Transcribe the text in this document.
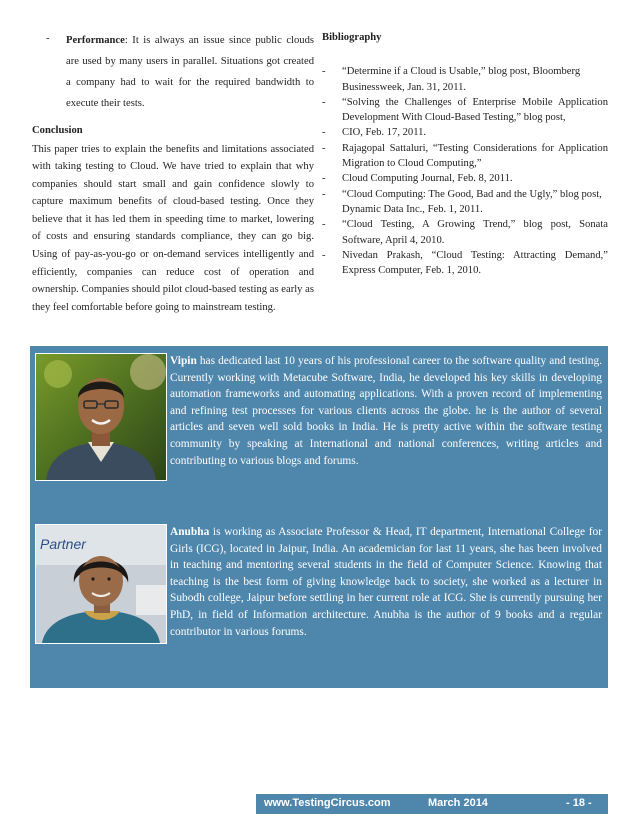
-	Performance: It is always an issue since public clouds are used by many users in parallel. Situations got created a company had to wait for the required bandwidth to execute their tests.
Conclusion
This paper tries to explain the benefits and limitations associated with taking testing to Cloud. We have tried to explain that why companies should start small and gain confidence slowly to capture maximum benefits of cloud-based testing. Once they believe that it has led them in speeding time to market, lowering of costs and ensuring standards compliance, they can go big. Using of pay-as-you-go or on-demand services intelligently and efficiently, companies can reduce cost of operation and ownership. Companies should pilot cloud-based testing as early as they feel comfortable before going to mainstream testing.
Bibliography
-	“Determine if a Cloud is Usable,” blog post, Bloomberg Businessweek, Jan. 31, 2011.
-	“Solving the Challenges of Enterprise Mobile Application Development With Cloud-Based Testing,” blog post,
-	CIO, Feb. 17, 2011.
-	Rajagopal Sattaluri, “Testing Considerations for Application Migration to Cloud Computing,”
-	Cloud Computing Journal, Feb. 8, 2011.
-	“Cloud Computing: The Good, Bad and the Ugly,” blog post, Dynamic Data Inc., Feb. 1, 2011.
-	“Cloud Testing, A Growing Trend,” blog post, Sonata Software, April 4, 2010.
-	Nivedan Prakash, “Cloud Testing: Attracting Demand,” Express Computer, Feb. 1, 2010.
Vipin has dedicated last 10 years of his professional career to the software quality and testing. Currently working with Metacube Software, India, he developed his key skills in developing automation frameworks and automating applications. With a proven record of implementing and refining test processes for various clients across the globe. he is the author of several articles and seven well sold books in India. He is pretty active within the software testing community by speaking at International and national conferences, writing articles and contributing to various blogs and forums.
Partner
Anubha is working as Associate Professor & Head, IT department, International College for Girls (ICG), located in Jaipur, India. An academician for last 11 years, she has been involved in teaching and mentoring several students in the field of Computer Science. Knowing that teaching is the best form of giving knowledge back to society, she worked as a lecturer in Subodh college, Jaipur before settling in her current role at ICG. She is currently pursuing her PhD, in field of Information architecture. Anubha is the author of 9 books and a regular contributor in various forums.
www.TestingCircus.com	March 2014	- 18 -
